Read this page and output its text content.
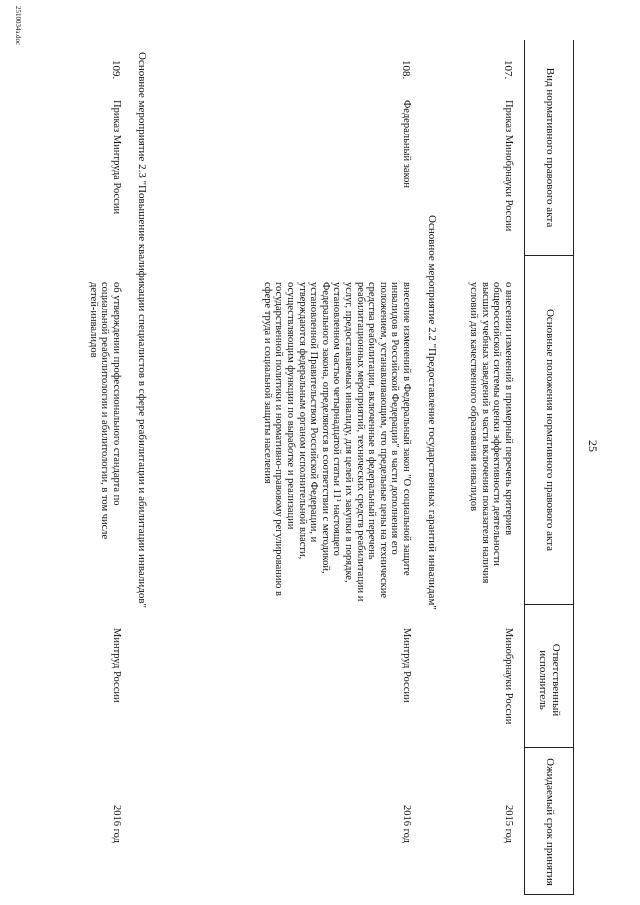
25
Вид нормативного правового акта
Основные положения нормативного правового акта
Ответственный исполнитель
Ожидаемый срок принятия
107.
Приказ Минобрнауки России
о внесении изменений в примерный перечень критериев общероссийской системы оценки эффективности деятельности высших учебных заведений в части включения показателя наличия условий для качественного образования инвалидов
Минобрнауки России
2015 год
Основное мероприятие 2.2 "Предоставление государственных гарантий инвалидам"
108.
Федеральный закон
внесение изменений в Федеральный закон "О социальной защите инвалидов в Российской Федерации" в части дополнения его положением, устанавливающим, что предельные цены на технические средства реабилитации, включенные в федеральный перечень реабилитационных мероприятий, технических средств реабилитации и услуг, предоставляемых инвалиду, для целей их закупки в порядке, установленном частью четырнадцатой статьи 11¹ настоящего Федерального закона, определяются в соответствии с методикой, установленной Правительством Российской Федерации, и утверждаются федеральным органом исполнительной власти, осуществляющим функции по выработке и реализации государственной политики и нормативно-правовому регулированию в сфере труда и социальной защиты населения
Минтруд России
2016 год
Основное мероприятие 2.3 "Повышение квалификации специалистов в сфере реабилитации и абилитации инвалидов"
109.
Приказ Минтруда России
об утверждении профессионального стандарта по социальной реабилитологии и абилитологии, в том числе детей-инвалидов
Минтруд России
2016 год
2510034з.doc
